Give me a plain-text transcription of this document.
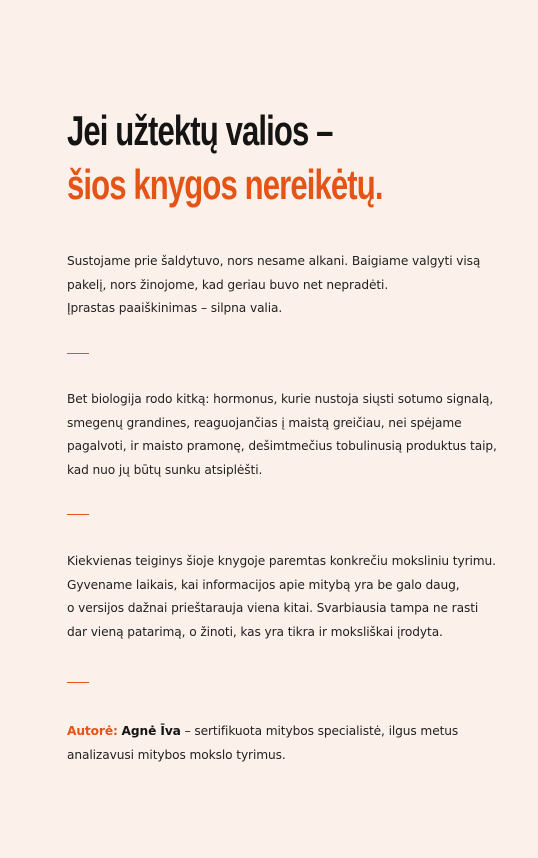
Jei užtektų valios –
šios knygos nereikėtų.

Sustojame prie šaldytuvo, nors nesame alkani. Baigiame valgyti visą
pakelį, nors žinojome, kad geriau buvo net nepradėti.
Įprastas paaiškinimas – silpna valia.

Bet biologija rodo kitką: hormonus, kurie nustoja siųsti sotumo signalą,
smegenų grandines, reaguojančias į maistą greičiau, nei spėjame
pagalvoti, ir maisto pramonę, dešimtmečius tobulinusią produktus taip,
kad nuo jų būtų sunku atsiplėšti.

Kiekvienas teiginys šioje knygoje paremtas konkrečiu moksliniu tyrimu.
Gyvename laikais, kai informacijos apie mitybą yra be galo daug,
o versijos dažnai prieštarauja viena kitai. Svarbiausia tampa ne rasti
dar vieną patarimą, o žinoti, kas yra tikra ir moksliškai įrodyta.

Autorė: Agnė Īva – sertifikuota mitybos specialistė, ilgus metus
analizavusi mitybos mokslo tyrimus.
